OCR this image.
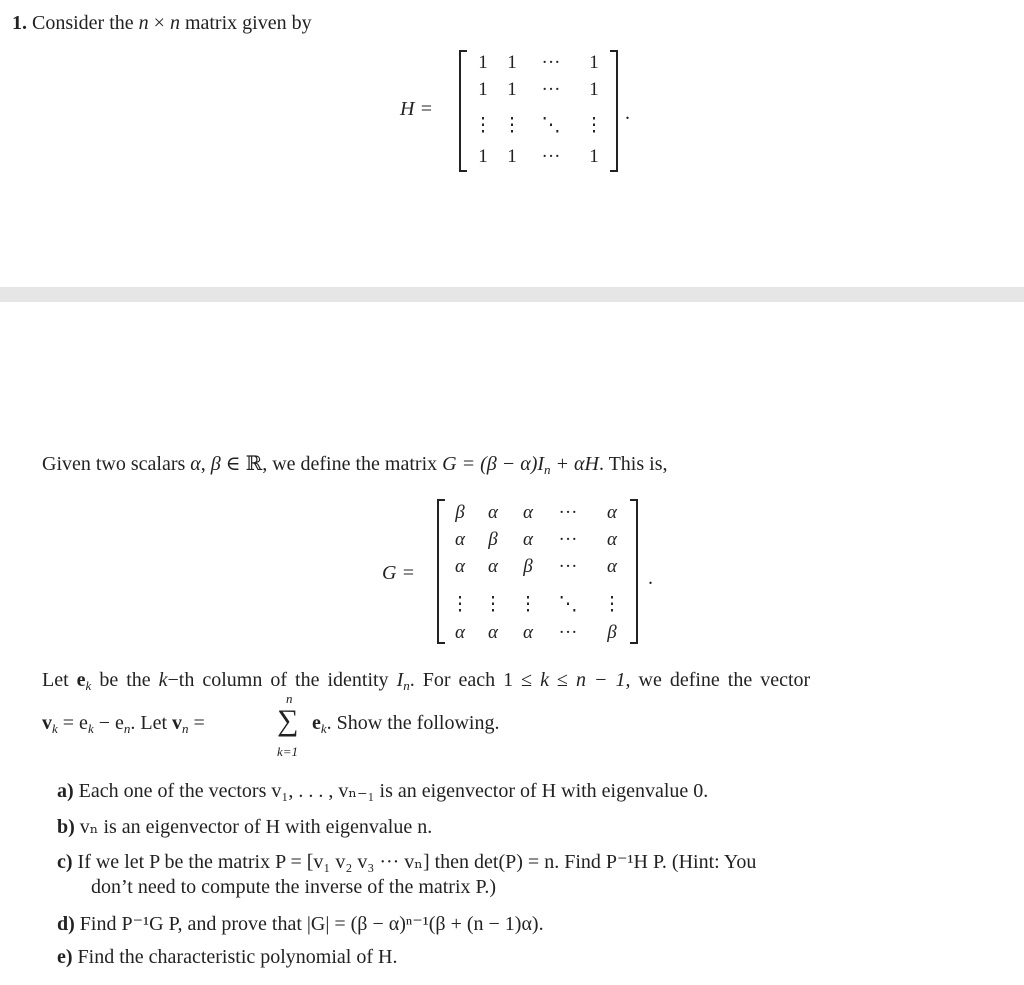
1. Consider the n × n matrix given by
H =
1	1	···	1
1	1	···	1
⋮ ⋮ ⋱ ⋮
1	1	···	1
.
Given two scalars α, β ∈ ℝ, we define the matrix $G = (\beta - \alpha)I_n + \alpha H$. This is,
G =
β	α	α	···	α
α	β	α	···	α
α	α	β	···	α
⋮ ⋮ ⋮ ⋱ ⋮
α	α	α	···	β
.
Let $e_k$ be the k−th column of the identity $I_n$. For each 1 ≤ k ≤ n − 1, we define the vector
$v_k = e_k - e_n$. Let $v_n$ = ∑
n
k=1
$e_k$. Show the following.
a) Each one of the vectors v₁, . . . , vₙ₋₁ is an eigenvector of H with eigenvalue 0.
b) vₙ is an eigenvector of H with eigenvalue n.
c) If we let P be the matrix P = [v₁ v₂ v₃ ··· vₙ] then det(P) = n. Find P⁻¹H P. (Hint: You
don’t need to compute the inverse of the matrix P.)
d) Find P⁻¹G P, and prove that |G| = (β − α)ⁿ⁻¹(β + (n − 1)α).
e) Find the characteristic polynomial of H.
